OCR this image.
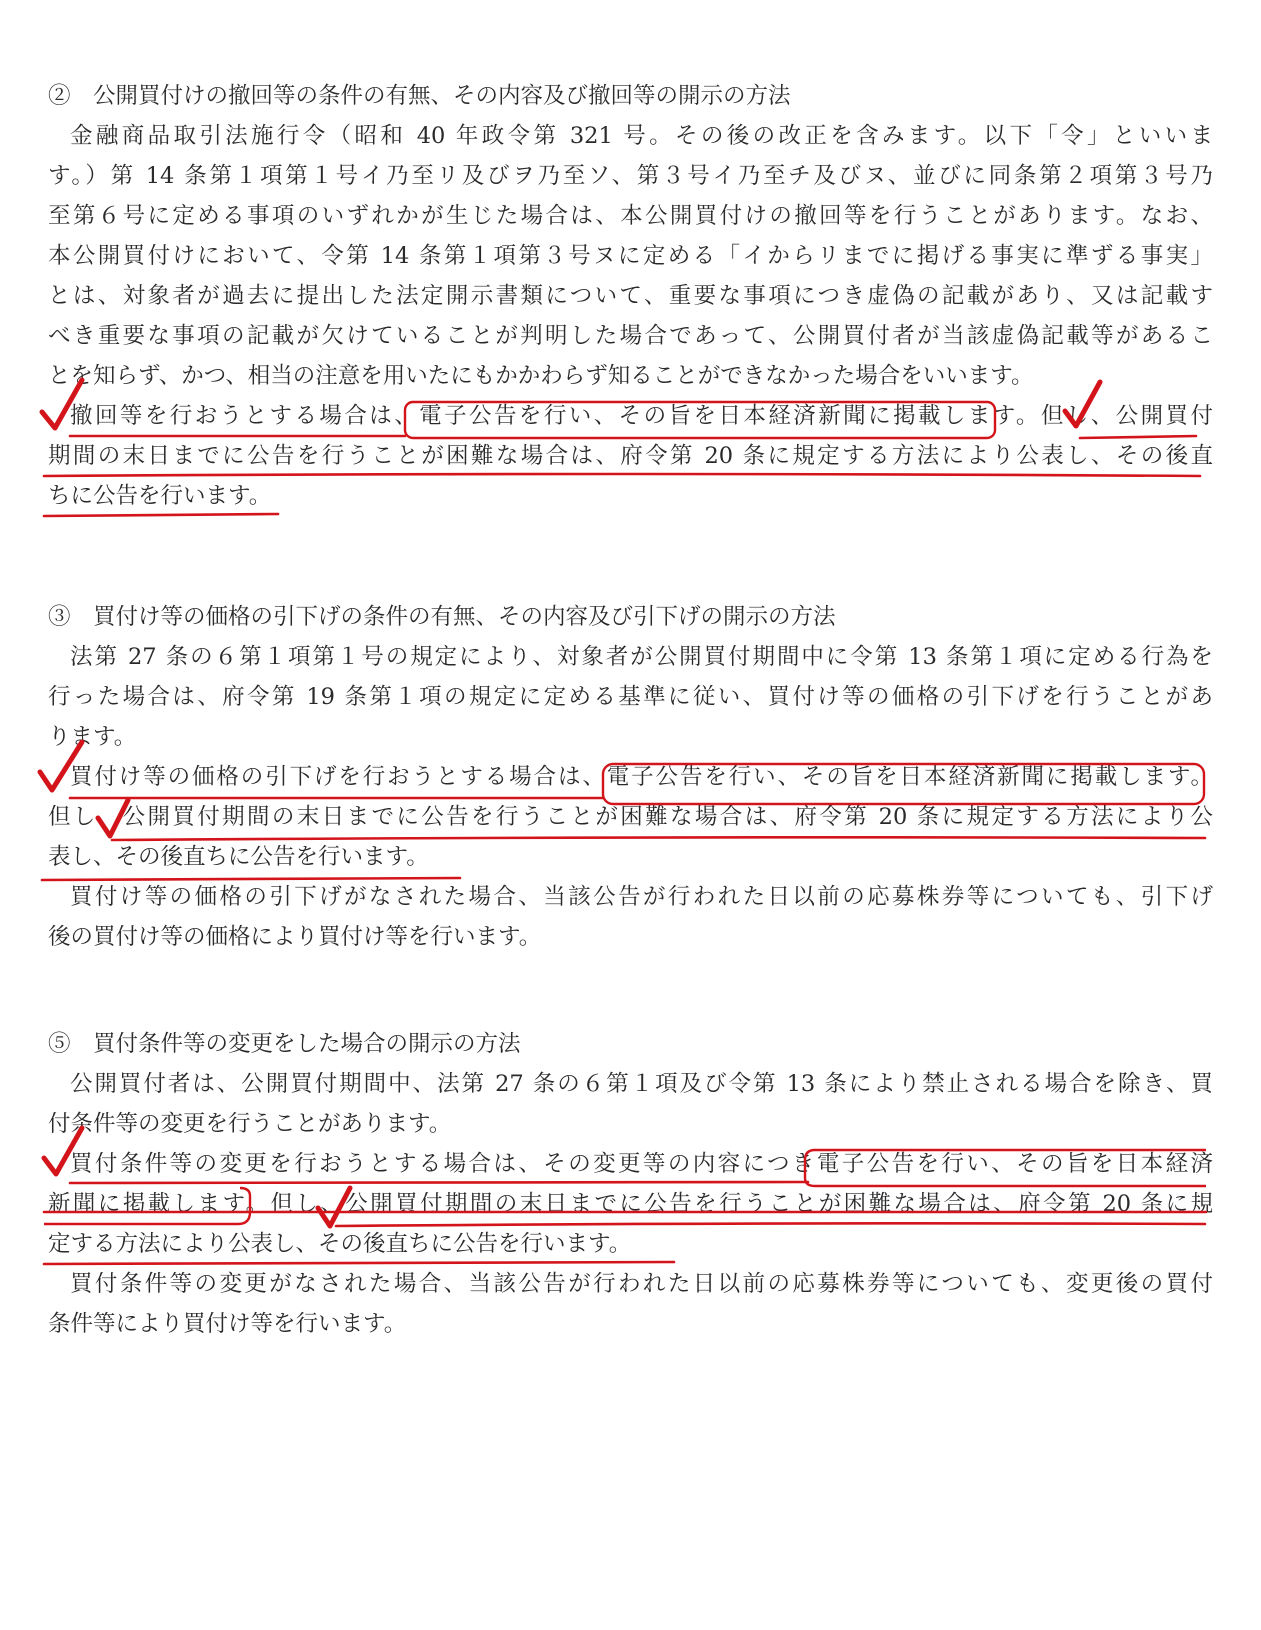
②　公開買付けの撤回等の条件の有無、その内容及び撤回等の開示の方法
金融商品取引法施行令（昭和 40 年政令第 321 号。その後の改正を含みます。以下「令」といいま
す。）第 14 条第１項第１号イ乃至リ及びヲ乃至ソ、第３号イ乃至チ及びヌ、並びに同条第２項第３号乃
至第６号に定める事項のいずれかが生じた場合は、本公開買付けの撤回等を行うことがあります。なお、
本公開買付けにおいて、令第 14 条第１項第３号ヌに定める「イからリまでに掲げる事実に準ずる事実」
とは、対象者が過去に提出した法定開示書類について、重要な事項につき虚偽の記載があり、又は記載す
べき重要な事項の記載が欠けていることが判明した場合であって、公開買付者が当該虚偽記載等があるこ
とを知らず、かつ、相当の注意を用いたにもかかわらず知ることができなかった場合をいいます。
撤回等を行おうとする場合は、電子公告を行い、その旨を日本経済新聞に掲載します。但し、公開買付
期間の末日までに公告を行うことが困難な場合は、府令第 20 条に規定する方法により公表し、その後直
ちに公告を行います。
③　買付け等の価格の引下げの条件の有無、その内容及び引下げの開示の方法
法第 27 条の６第１項第１号の規定により、対象者が公開買付期間中に令第 13 条第１項に定める行為を
行った場合は、府令第 19 条第１項の規定に定める基準に従い、買付け等の価格の引下げを行うことがあ
ります。
買付け等の価格の引下げを行おうとする場合は、電子公告を行い、その旨を日本経済新聞に掲載します。
但し、公開買付期間の末日までに公告を行うことが困難な場合は、府令第 20 条に規定する方法により公
表し、その後直ちに公告を行います。
買付け等の価格の引下げがなされた場合、当該公告が行われた日以前の応募株券等についても、引下げ
後の買付け等の価格により買付け等を行います。
⑤　買付条件等の変更をした場合の開示の方法
公開買付者は、公開買付期間中、法第 27 条の６第１項及び令第 13 条により禁止される場合を除き、買
付条件等の変更を行うことがあります。
買付条件等の変更を行おうとする場合は、その変更等の内容につき電子公告を行い、その旨を日本経済
新聞に掲載します。但し、公開買付期間の末日までに公告を行うことが困難な場合は、府令第 20 条に規
定する方法により公表し、その後直ちに公告を行います。
買付条件等の変更がなされた場合、当該公告が行われた日以前の応募株券等についても、変更後の買付
条件等により買付け等を行います。
